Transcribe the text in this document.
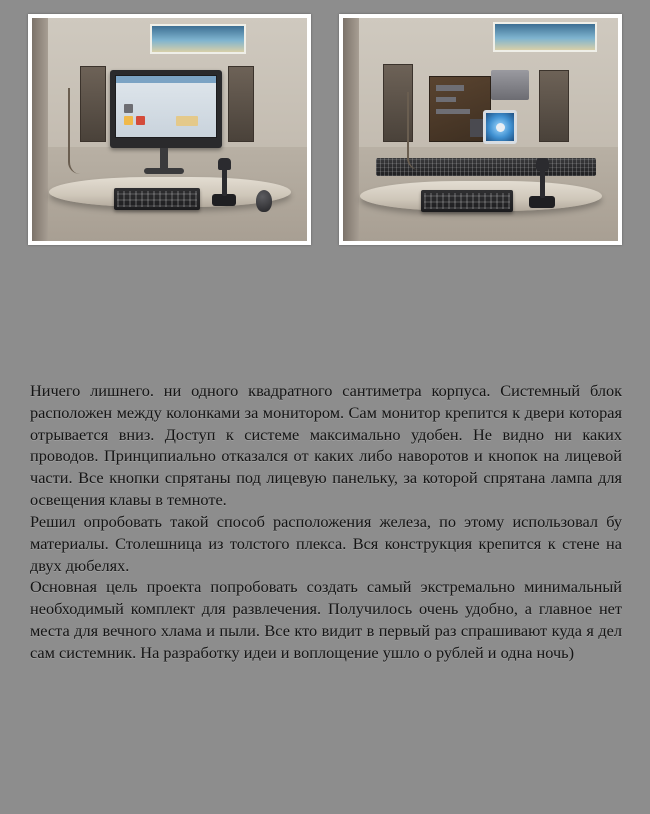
Ничего лишнего. ни одного квадратного сантиметра корпуса. Системный блок расположен между колонками за монитором. Сам монитор крепится к двери которая отрывается вниз. Доступ к системе максимально удобен. Не видно ни каких проводов. Принципиально отказался от каких либо наворотов и кнопок на лицевой части. Все кнопки спрятаны под лицевую панельку, за которой спрятана лампа для освещения клавы в темноте.

Решил опробовать такой способ расположения железа, по этому использовал бу материалы. Столешница из толстого плекса. Вся конструкция крепится к стене на двух дюбелях.

Основная цель проекта попробовать создать самый экстремально минимальный необходимый комплект для развлечения. Получилось очень удобно, а главное нет места для вечного хлама и пыли. Все кто видит в первый раз спрашивают куда я дел сам системник. На разработку идеи и воплощение ушло о рублей и одна ночь)
